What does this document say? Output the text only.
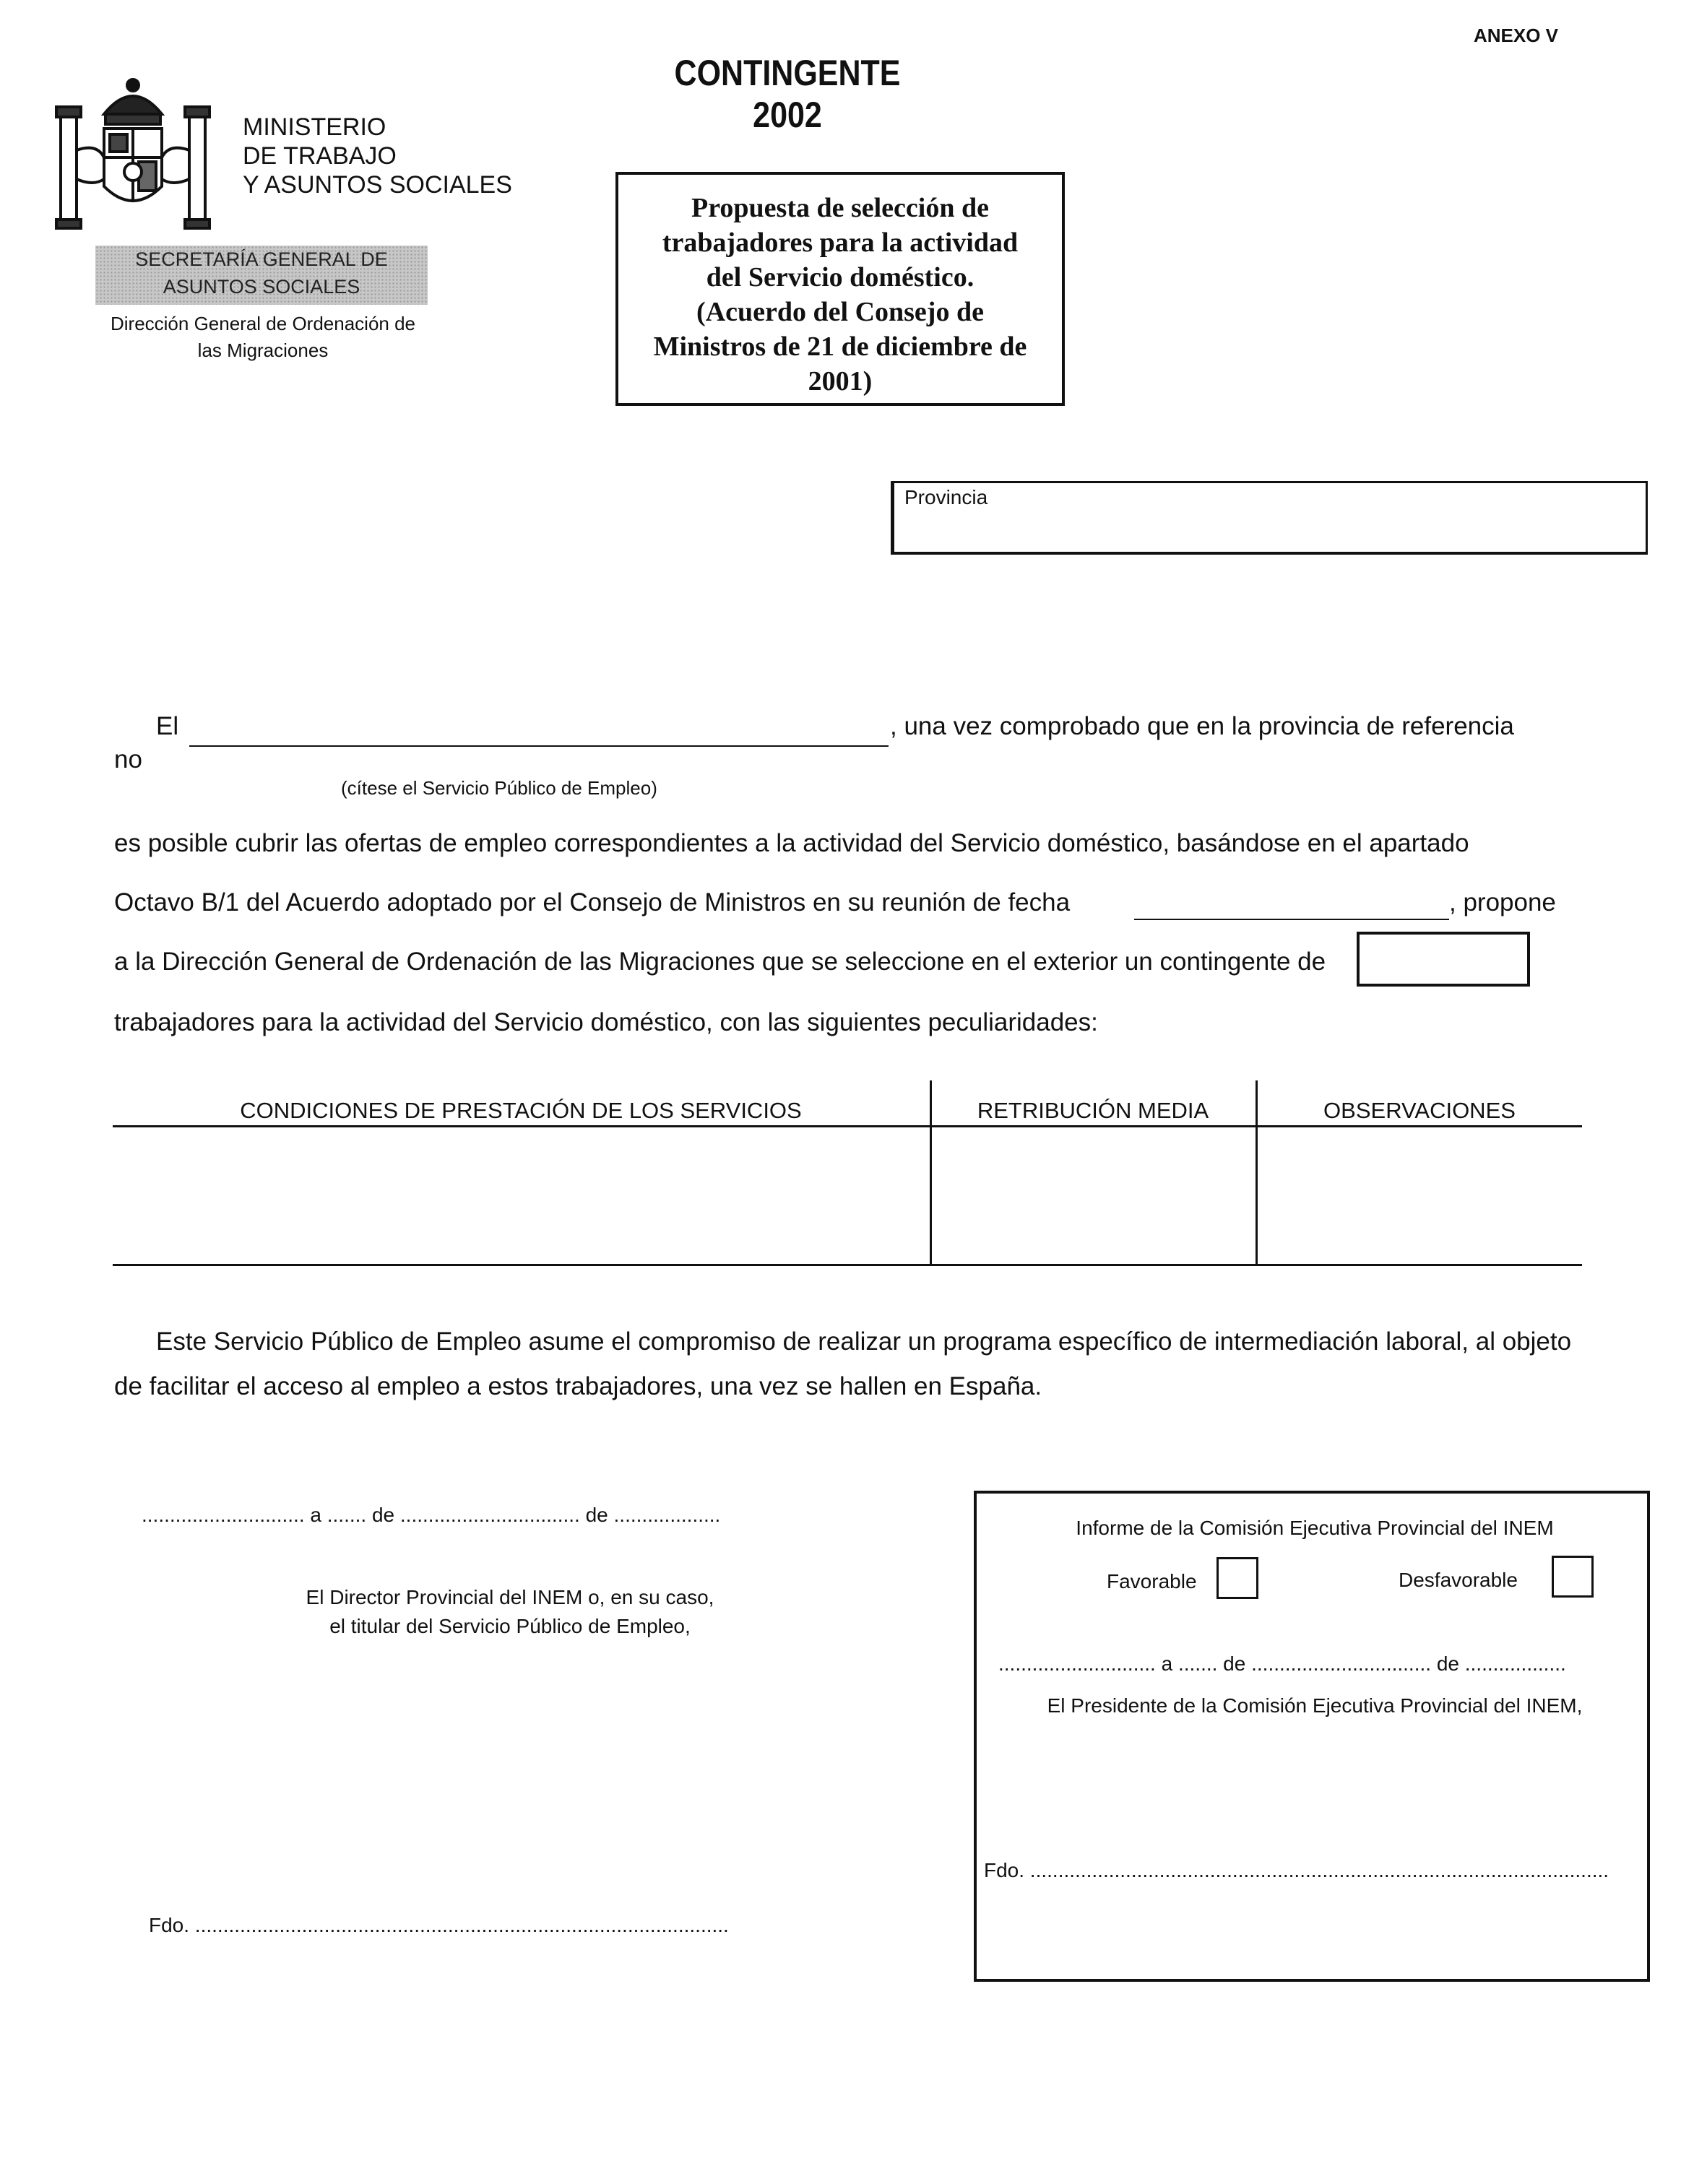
ANEXO V
CONTINGENTE 2002
MINISTERIO
DE TRABAJO
Y ASUNTOS SOCIALES
SECRETARÍA GENERAL DE
ASUNTOS SOCIALES
Dirección General de Ordenación de
las Migraciones
Propuesta de selección de
trabajadores para la actividad
del Servicio doméstico.
(Acuerdo del Consejo de
Ministros de 21 de diciembre de
2001)
Provincia
El	, una vez comprobado que en la provincia de referencia
no
(cítese el Servicio Público de Empleo)
es posible cubrir las ofertas de empleo correspondientes a la actividad del Servicio doméstico, basándose en el apartado
Octavo B/1 del Acuerdo adoptado por el Consejo de Ministros en su reunión de fecha	, propone
a la Dirección General de Ordenación de las Migraciones que se seleccione en el exterior un contingente de
trabajadores para la actividad del Servicio doméstico, con las siguientes peculiaridades:
CONDICIONES DE PRESTACIÓN DE LOS SERVICIOS	RETRIBUCIÓN MEDIA	OBSERVACIONES
Este Servicio Público de Empleo asume el compromiso de realizar un programa específico de intermediación laboral, al objeto
de facilitar el acceso al empleo a estos trabajadores, una vez se hallen en España.
............................. a ....... de ................................ de ...................
El Director Provincial del INEM o, en su caso,
el titular del Servicio Público de Empleo,
Fdo. ...............................................................................................
Informe de la Comisión Ejecutiva Provincial del INEM
Favorable	Desfavorable
............................ a ....... de ................................ de ..................
El Presidente de la Comisión Ejecutiva Provincial del INEM,
Fdo. .......................................................................................................
